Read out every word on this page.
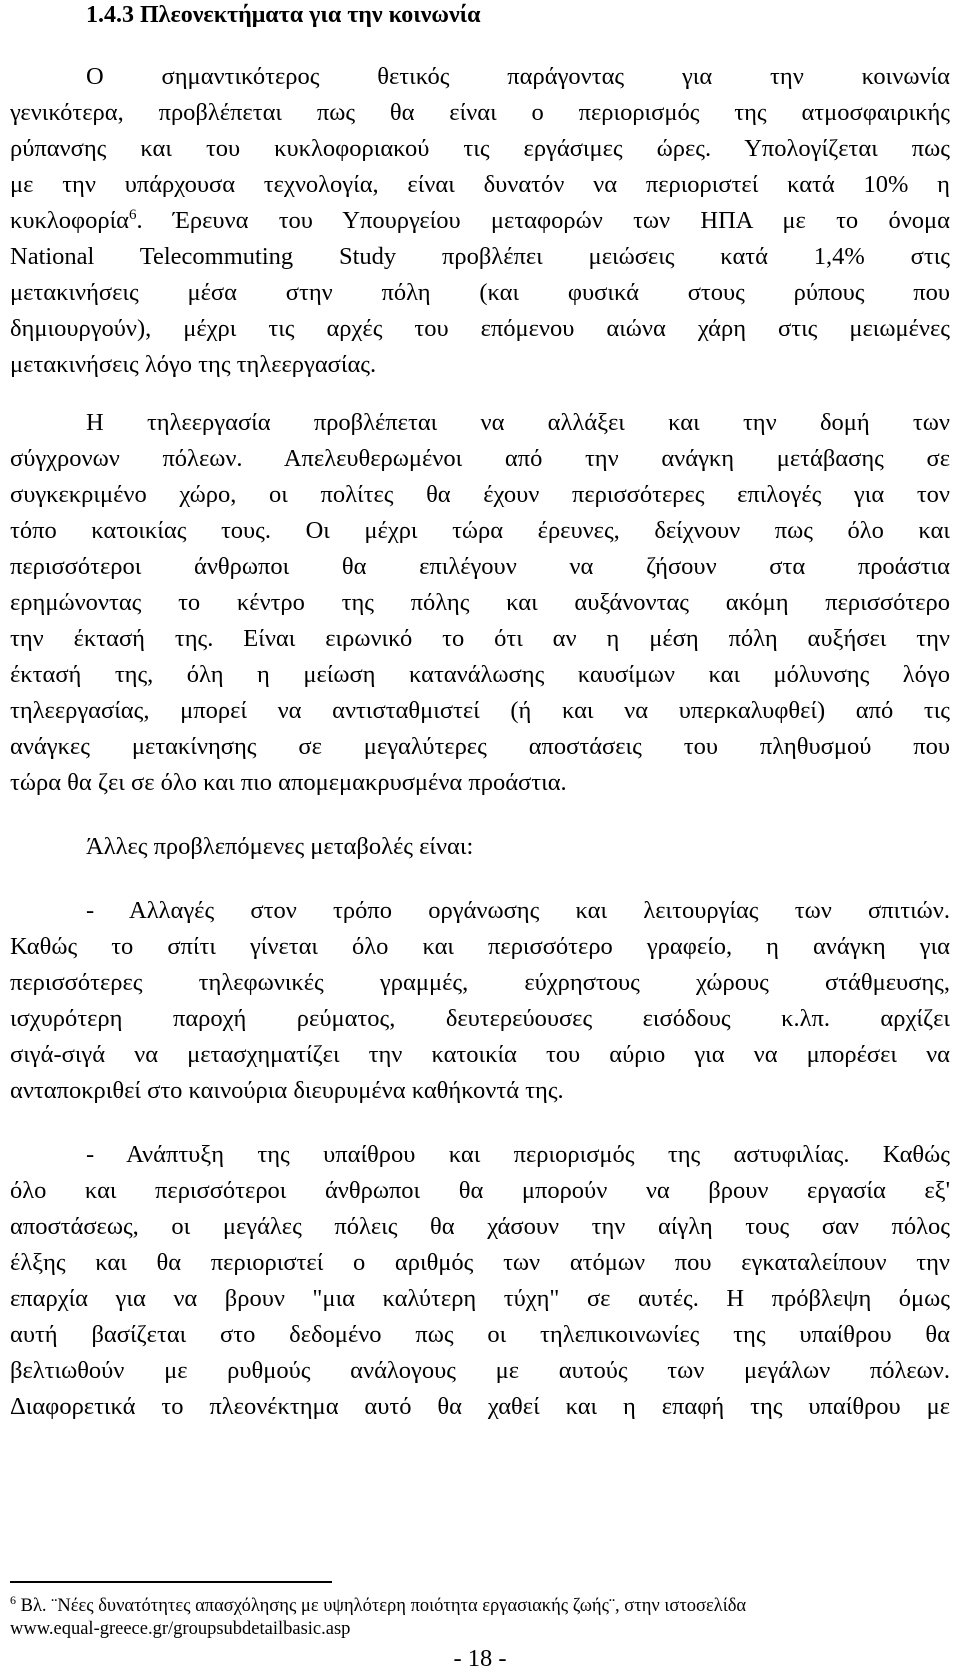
1.4.3 Πλεονεκτήματα για την κοινωνία
Ο σημαντικότερος θετικός παράγοντας για την κοινωνία
γενικότερα, προβλέπεται πως θα είναι ο περιορισμός της ατμοσφαιρικής
ρύπανσης και του κυκλοφοριακού τις εργάσιμες ώρες. Υπολογίζεται πως
με την υπάρχουσα τεχνολογία, είναι δυνατόν να περιοριστεί κατά 10% η
κυκλοφορία$^6$. Έρευνα του Υπουργείου μεταφορών των ΗΠΑ με το όνομα
National Telecommuting Study προβλέπει μειώσεις κατά 1,4% στις
μετακινήσεις μέσα στην πόλη (και φυσικά στους ρύπους που
δημιουργούν), μέχρι τις αρχές του επόμενου αιώνα χάρη στις μειωμένες
μετακινήσεις λόγο της τηλεεργασίας.
Η τηλεεργασία προβλέπεται να αλλάξει και την δομή των
σύγχρονων πόλεων. Απελευθερωμένοι από την ανάγκη μετάβασης σε
συγκεκριμένο χώρο, οι πολίτες θα έχουν περισσότερες επιλογές για τον
τόπο κατοικίας τους. Οι μέχρι τώρα έρευνες, δείχνουν πως όλο και
περισσότεροι άνθρωποι θα επιλέγουν να ζήσουν στα προάστια
ερημώνοντας το κέντρο της πόλης και αυξάνοντας ακόμη περισσότερο
την έκτασή της. Είναι ειρωνικό το ότι αν η μέση πόλη αυξήσει την
έκτασή της, όλη η μείωση κατανάλωσης καυσίμων και μόλυνσης λόγο
τηλεεργασίας, μπορεί να αντισταθμιστεί (ή και να υπερκαλυφθεί) από τις
ανάγκες μετακίνησης σε μεγαλύτερες αποστάσεις του πληθυσμού που
τώρα θα ζει σε όλο και πιο απομεμακρυσμένα προάστια.
Άλλες προβλεπόμενες μεταβολές είναι:
- Αλλαγές στον τρόπο οργάνωσης και λειτουργίας των σπιτιών.
Καθώς το σπίτι γίνεται όλο και περισσότερο γραφείο, η ανάγκη για
περισσότερες τηλεφωνικές γραμμές, εύχρηστους χώρους στάθμευσης,
ισχυρότερη παροχή ρεύματος, δευτερεύουσες εισόδους κ.λπ. αρχίζει
σιγά-σιγά να μετασχηματίζει την κατοικία του αύριο για να μπορέσει να
ανταποκριθεί στο καινούρια διευρυμένα καθήκοντά της.
- Ανάπτυξη της υπαίθρου και περιορισμός της αστυφιλίας. Καθώς
όλο και περισσότεροι άνθρωποι θα μπορούν να βρουν εργασία εξ'
αποστάσεως, οι μεγάλες πόλεις θα χάσουν την αίγλη τους σαν πόλος
έλξης και θα περιοριστεί ο αριθμός των ατόμων που εγκαταλείπουν την
επαρχία για να βρουν "μια καλύτερη τύχη" σε αυτές. Η πρόβλεψη όμως
αυτή βασίζεται στο δεδομένο πως οι τηλεπικοινωνίες της υπαίθρου θα
βελτιωθούν με ρυθμούς ανάλογους με αυτούς των μεγάλων πόλεων.
Διαφορετικά το πλεονέκτημα αυτό θα χαθεί και η επαφή της υπαίθρου με
$^6$ Βλ. ¨Νέες δυνατότητες απασχόλησης με υψηλότερη ποιότητα εργασιακής ζωής¨, στην ιστοσελίδα
www.equal-greece.gr/groupsubdetailbasic.asp
- 18 -
